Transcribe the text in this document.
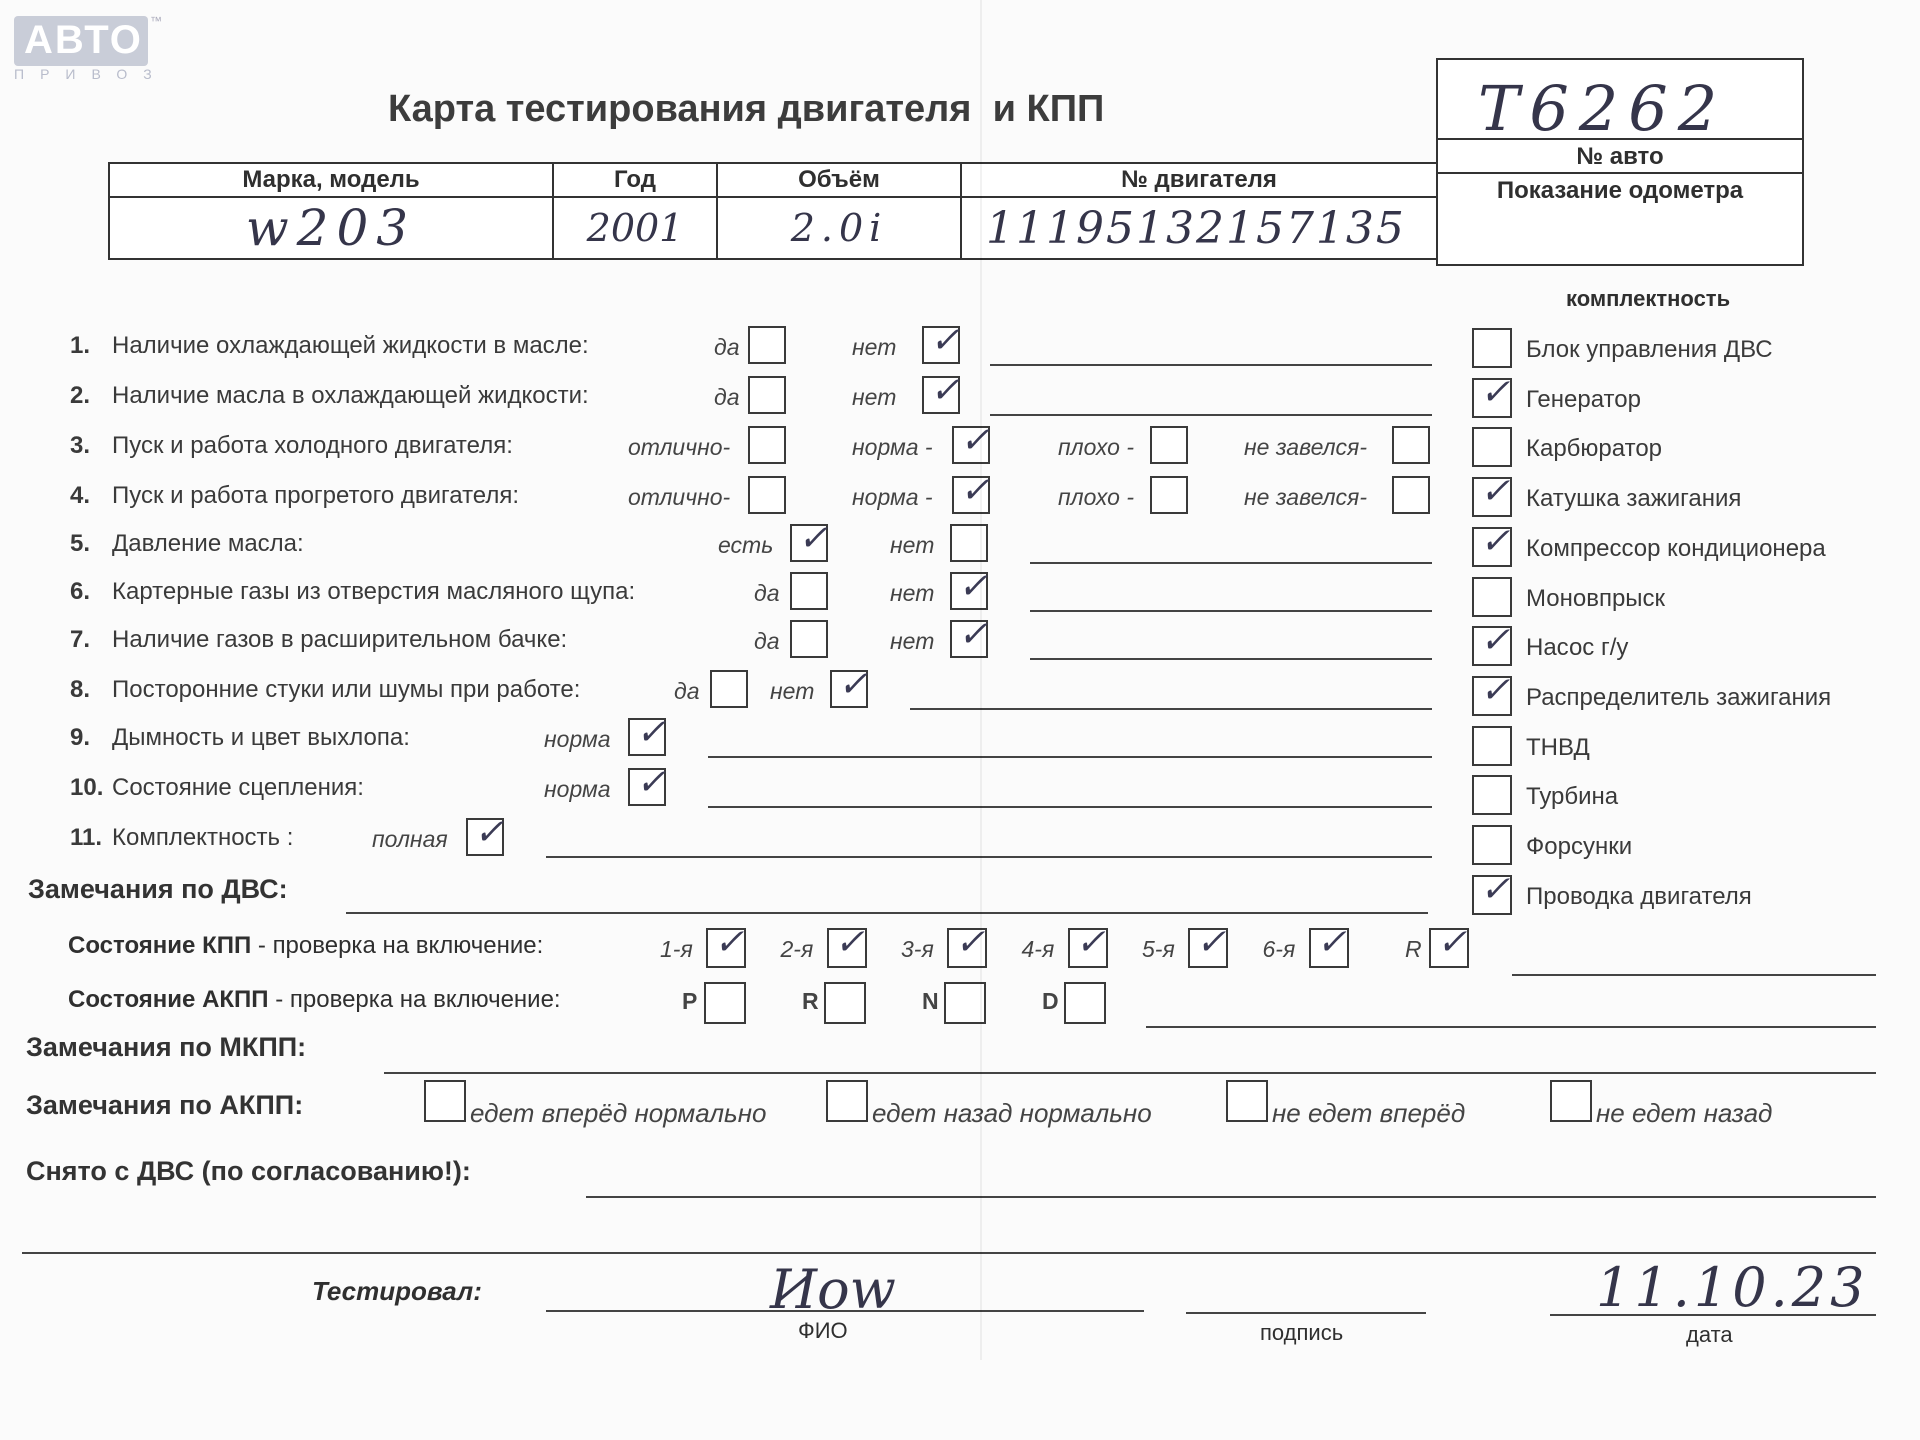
АВТО ™
ПРИВОЗ
Карта тестирования двигателя  и КПП	Т6262
№ авто
Показание одометра
Марка, модель	Год	Объём	№ двигателя
w203	2001	2.0i	11195132157135
1. Наличие охлаждающей жидкости в масле:	да	нет ✓
2. Наличие масла в охлаждающей жидкости:	да	нет ✓
3. Пуск и работа холодного двигателя:	отлично-	норма - ✓	плохо -	не завелся-
4. Пуск и работа прогретого двигателя:	отлично-	норма - ✓	плохо -	не завелся-
5. Давление масла:	есть ✓	нет
6. Картерные газы из отверстия масляного щупа:	да	нет ✓
7. Наличие газов в расширительном бачке:	да	нет ✓
8. Посторонние стуки или шумы при работе:	да	нет ✓
9. Дымность и цвет выхлопа:	норма ✓
10. Состояние сцепления:	норма ✓
11. Комплектность :	полная ✓
комплектность
Блок управления ДВС
✓ Генератор
Карбюратор
✓ Катушка зажигания
✓ Компрессор кондиционера
Моновпрыск
✓ Насос г/у
✓ Распределитель зажигания
ТНВД
Турбина
Форсунки
✓ Проводка двигателя
Замечания по ДВС:
Состояние КПП - проверка на включение:	1-я ✓ 2-я ✓ 3-я ✓ 4-я ✓ 5-я ✓ 6-я ✓	R ✓
Состояние АКПП - проверка на включение:	P	R	N	D
Замечания по МКПП:
Замечания по АКПП:	едет вперёд нормально	едет назад нормально	не едет вперёд	не едет назад
Снято с ДВС (по согласованию!):
Тестировал:	Иоw	11.10.23
ФИО	подпись	дата
